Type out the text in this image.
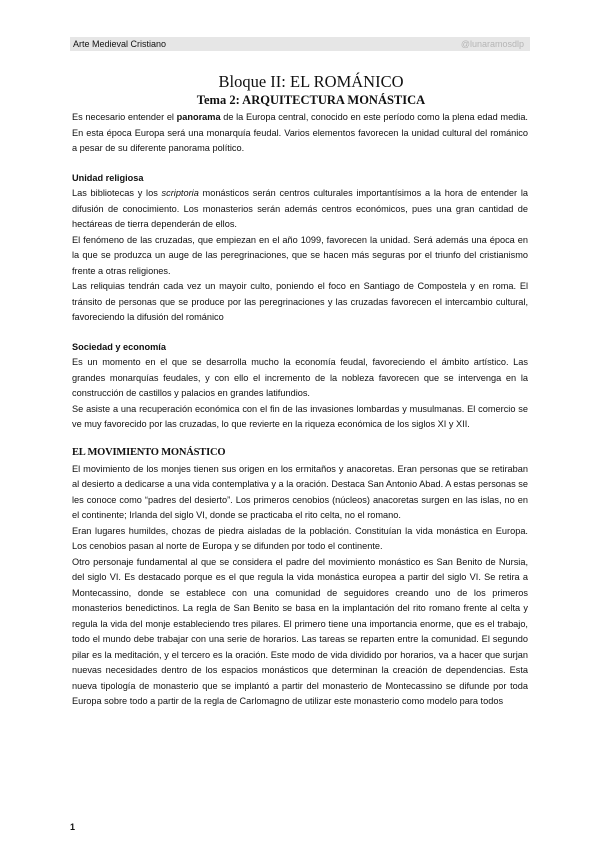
Arte Medieval Cristiano	@lunaramosdlp
Bloque II: EL ROMÁNICO
Tema 2: ARQUITECTURA MONÁSTICA

Es necesario entender el panorama de la Europa central, conocido en este período como la plena edad media. En esta época Europa será una monarquía feudal. Varios elementos favorecen la unidad cultural del románico a pesar de su diferente panorama político.

Unidad religiosa

Las bibliotecas y los scriptoria monásticos serán centros culturales importantísimos a la hora de entender la difusión de conocimiento. Los monasterios serán además centros económicos, pues una gran cantidad de hectáreas de tierra dependerán de ellos.

El fenómeno de las cruzadas, que empiezan en el año 1099, favorecen la unidad. Será además una época en la que se produzca un auge de las peregrinaciones, que se hacen más seguras por el triunfo del cristianismo frente a otras religiones.

Las reliquias tendrán cada vez un mayoir culto, poniendo el foco en Santiago de Compostela y en roma. El tránsito de personas que se produce por las peregrinaciones y las cruzadas favorecen el intercambio cultural, favoreciendo la difusión del románico

Sociedad y economía

Es un momento en el que se desarrolla mucho la economía feudal, favoreciendo el ámbito artístico. Las grandes monarquías feudales, y con ello el incremento de la nobleza favorecen que se intervenga en la construcción de castillos y palacios en grandes latifundios.

Se asiste a una recuperación económica con el fin de las invasiones lombardas y musulmanas. El comercio se ve muy favorecido por las cruzadas, lo que revierte en la riqueza económica de los siglos XI y XII.

EL MOVIMIENTO MONÁSTICO

El movimiento de los monjes tienen sus origen en los ermitaños y anacoretas. Eran personas que se retiraban al desierto a dedicarse a una vida contemplativa y a la oración. Destaca San Antonio Abad. A estas personas se les conoce como “padres del desierto”. Los primeros cenobios (núcleos) anacoretas surgen en las islas, no en el continente; Irlanda del siglo VI, donde se practicaba el rito celta, no el romano.

Eran lugares humildes, chozas de piedra aisladas de la población. Constituían la vida monástica en Europa. Los cenobios pasan al norte de Europa y se difunden por todo el continente.

Otro personaje fundamental al que se considera el padre del movimiento monástico es San Benito de Nursia, del siglo VI. Es destacado porque es el que regula la vida monástica europea a partir del siglo VI. Se retira a Montecassino, donde se establece con una comunidad de seguidores creando uno de los primeros monasterios benedictinos. La regla de San Benito se basa en la implantación del rito romano frente al celta y regula la vida del monje estableciendo tres pilares. El primero tiene una importancia enorme, que es el trabajo, todo el mundo debe trabajar con una serie de horarios. Las tareas se reparten entre la comunidad. El segundo pilar es la meditación, y el tercero es la oración. Este modo de vida dividido por horarios, va a hacer que surjan nuevas necesidades dentro de los espacios monásticos que determinan la creación de dependencias. Esta nueva tipología de monasterio que se implantó a partir del monasterio de Montecassino se difunde por toda Europa sobre todo a partir de la regla de Carlomagno de utilizar este monasterio como modelo para todos

1
